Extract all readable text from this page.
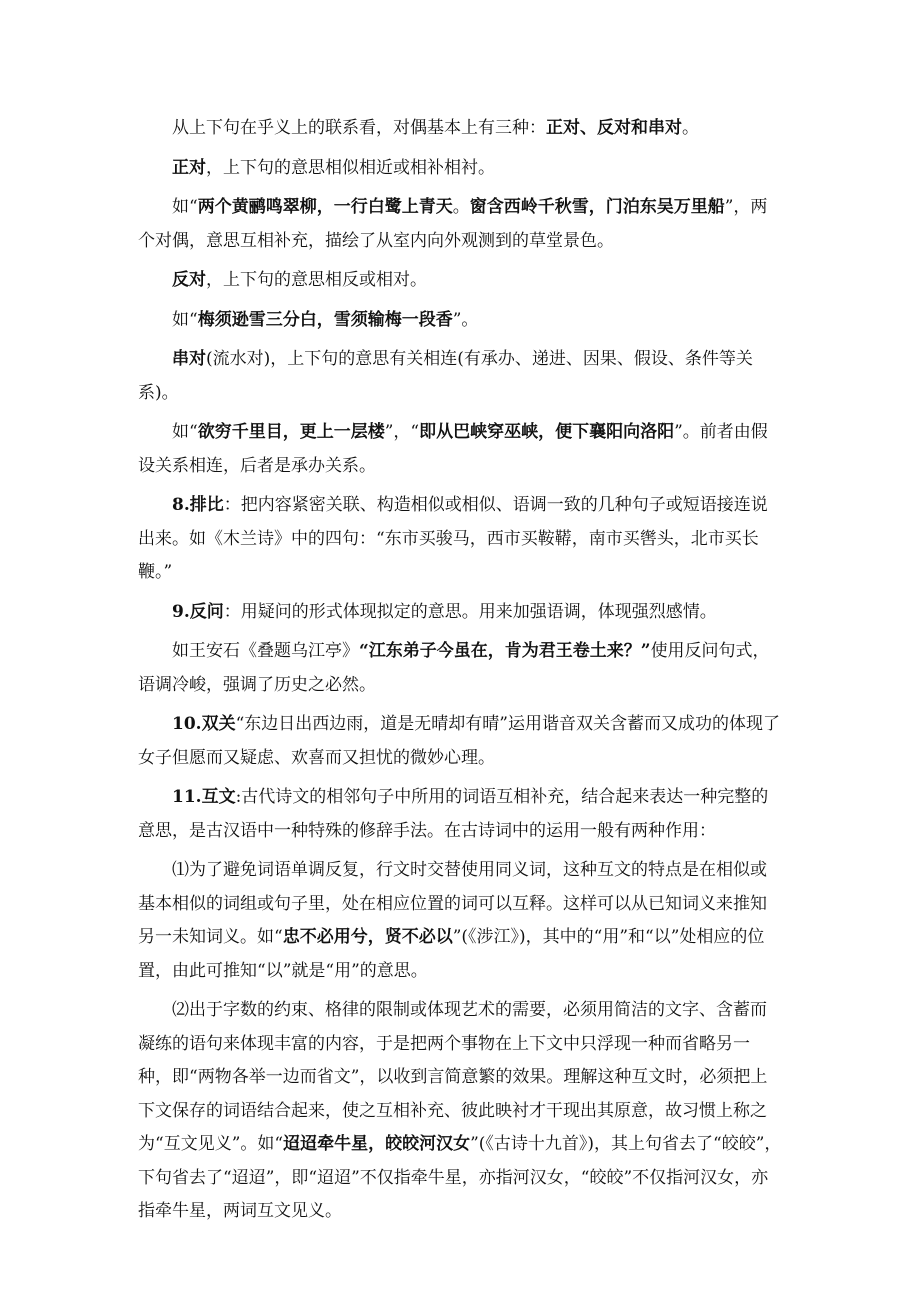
从上下句在乎义上的联系看，对偶基本上有三种：正对、反对和串对。

正对，上下句的意思相似相近或相补相衬。

如“两个黄鹂鸣翠柳，一行白鹭上青天。窗含西岭千秋雪，门泊东吴万里船”，两个对偶，意思互相补充，描绘了从室内向外观测到的草堂景色。

反对，上下句的意思相反或相对。

如“梅须逊雪三分白，雪须输梅一段香”。

串对(流水对)，上下句的意思有关相连(有承办、递进、因果、假设、条件等关系)。

如“欲穷千里目，更上一层楼”，“即从巴峡穿巫峡，便下襄阳向洛阳”。前者由假设关系相连，后者是承办关系。

8.排比：把内容紧密关联、构造相似或相似、语调一致的几种句子或短语接连说出来。如《木兰诗》中的四句：“东市买骏马，西市买鞍鞯，南市买辔头，北市买长鞭。”

9.反问：用疑问的形式体现拟定的意思。用来加强语调，体现强烈感情。

如王安石《叠题乌江亭》“江东弟子今虽在，肯为君王卷土来？”使用反问句式，语调冷峻，强调了历史之必然。

10.双关“东边日出西边雨，道是无晴却有晴”运用谐音双关含蓄而又成功的体现了女子但愿而又疑虑、欢喜而又担忧的微妙心理。

11.互文:古代诗文的相邻句子中所用的词语互相补充，结合起来表达一种完整的意思，是古汉语中一种特殊的修辞手法。在古诗词中的运用一般有两种作用：

⑴为了避免词语单调反复，行文时交替使用同义词，这种互文的特点是在相似或基本相似的词组或句子里，处在相应位置的词可以互释。这样可以从已知词义来推知另一未知词义。如“忠不必用兮，贤不必以”(《涉江》)，其中的“用”和“以”处相应的位置，由此可推知“以”就是“用”的意思。

⑵出于字数的约束、格律的限制或体现艺术的需要，必须用简洁的文字、含蓄而凝练的语句来体现丰富的内容，于是把两个事物在上下文中只浮现一种而省略另一种，即“两物各举一边而省文”，以收到言简意繁的效果。理解这种互文时，必须把上下文保存的词语结合起来，使之互相补充、彼此映衬才干现出其原意，故习惯上称之为“互文见义”。如“迢迢牵牛星，皎皎河汉女”(《古诗十九首》)，其上句省去了“皎皎”，下句省去了“迢迢”，即“迢迢”不仅指牵牛星，亦指河汉女，“皎皎”不仅指河汉女，亦指牵牛星，两词互文见义。
